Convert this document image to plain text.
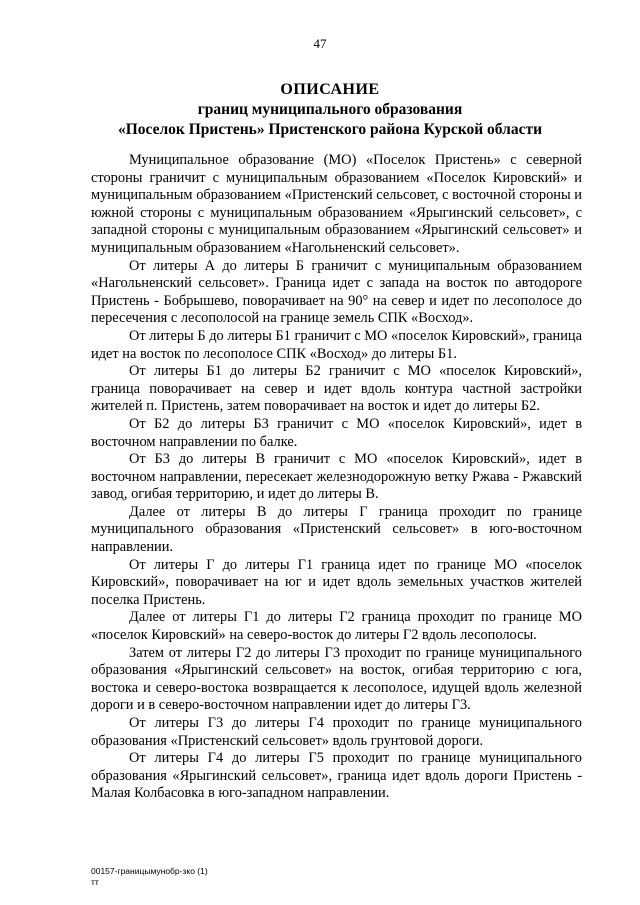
47
ОПИСАНИЕ
границ муниципального образования
«Поселок Пристень» Пристенского района Курской области

Муниципальное образование (МО) «Поселок Пристень» с северной стороны граничит с муниципальным образованием «Поселок Кировский» и муниципальным образованием «Пристенский сельсовет, с восточной стороны и южной стороны с муниципальным образованием «Ярыгинский сельсовет», с западной стороны с муниципальным образованием «Ярыгинский сельсовет» и муниципальным образованием «Нагольненский сельсовет».

От литеры А до литеры Б граничит с муниципальным образованием «Нагольненский сельсовет». Граница идет с запада на восток по автодороге Пристень - Бобрышево, поворачивает на 90° на север и идет по лесополосе до пересечения с лесополосой на границе земель СПК «Восход».

От литеры Б до литеры Б1 граничит с МО «поселок Кировский», граница идет на восток по лесополосе СПК «Восход» до литеры Б1.

От литеры Б1 до литеры Б2 граничит с МО «поселок Кировский», граница поворачивает на север и идет вдоль контура частной застройки жителей п. Пристень, затем поворачивает на восток и идет до литеры Б2.

От Б2 до литеры Б3 граничит с МО «поселок Кировский», идет в восточном направлении по балке.

От Б3 до литеры В граничит с МО «поселок Кировский», идет в восточном направлении, пересекает железнодорожную ветку Ржава - Ржавский завод, огибая территорию, и идет до литеры В.

Далее от литеры В до литеры Г граница проходит по границе муниципального образования «Пристенский сельсовет» в юго-восточном направлении.

От литеры Г до литеры Г1 граница идет по границе МО «поселок Кировский», поворачивает на юг и идет вдоль земельных участков жителей поселка Пристень.

Далее от литеры Г1 до литеры Г2 граница проходит по границе МО «поселок Кировский» на северо-восток до литеры Г2 вдоль лесополосы.

Затем от литеры Г2 до литеры Г3 проходит по границе муниципального образования «Ярыгинский сельсовет» на восток, огибая территорию с юга, востока и северо-востока возвращается к лесополосе, идущей вдоль железной дороги и в северо-восточном направлении идет до литеры Г3.

От литеры Г3 до литеры Г4 проходит по границе муниципального образования «Пристенский сельсовет» вдоль грунтовой дороги.

От литеры Г4 до литеры Г5 проходит по границе муниципального образования «Ярыгинский сельсовет», граница идет вдоль дороги Пристень - Малая Колбасовка в юго-западном направлении.

00157-границымунобр-зко (1)
тт
